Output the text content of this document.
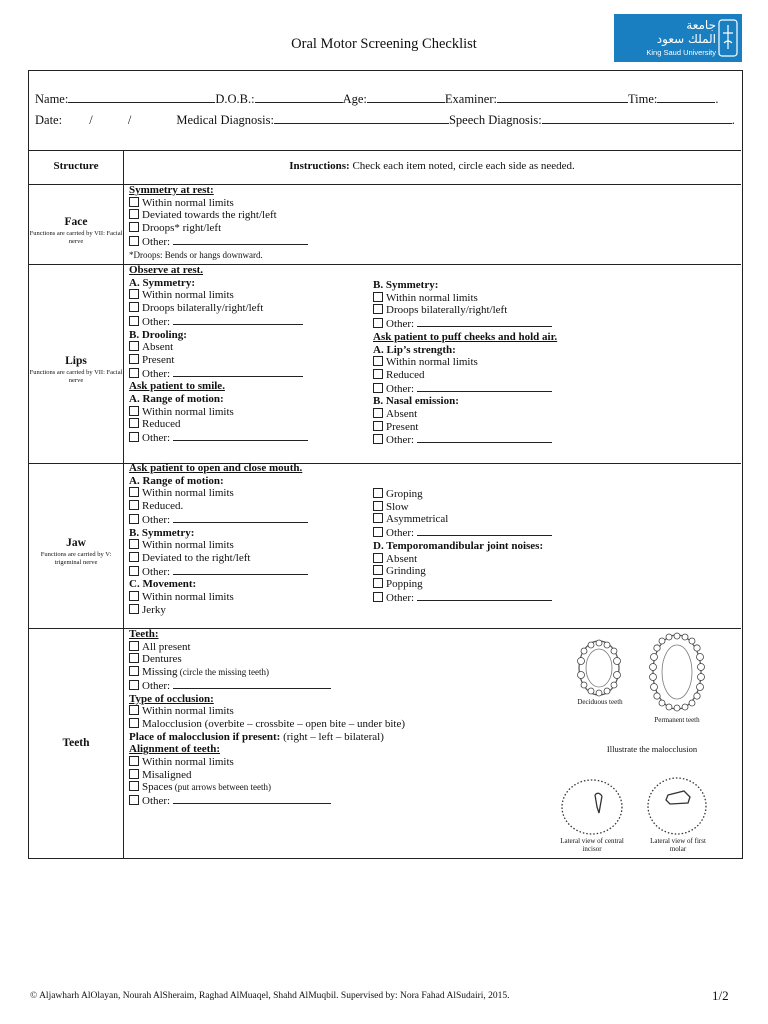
Oral Motor Screening Checklist
جامعة
الملك سعود
King Saud University
Name:	D.O.B.:	Age:	Examiner:	Time:	.
Date: /	/	Medical Diagnosis:	Speech Diagnosis:	.
Structure	Instructions: Check each item noted, circle each side as needed.
Face
Functions are carried by VII: Facial nerve
Symmetry at rest:
Within normal limits
Deviated towards the right/left
Droops* right/left
Other:
*Droops: Bends or hangs downward.
Lips
Functions are carried by VII: Facial nerve
Observe at rest.
A. Symmetry:
Within normal limits
Droops bilaterally/right/left
Other:
B. Drooling:
Absent
Present
Other:
Ask patient to smile.
A. Range of motion:
Within normal limits
Reduced
Other:
B. Symmetry:
Within normal limits
Droops bilaterally/right/left
Other:
Ask patient to puff cheeks and hold air.
A. Lip’s strength:
Within normal limits
Reduced
Other:
B. Nasal emission:
Absent
Present
Other:
Jaw
Functions are carried by V: trigeminal nerve
Ask patient to open and close mouth.
A. Range of motion:
Within normal limits
Reduced.
Other:
B. Symmetry:
Within normal limits
Deviated to the right/left
Other:
C. Movement:
Within normal limits
Jerky
Groping
Slow
Asymmetrical
Other:
D. Temporomandibular joint noises:
Absent
Grinding
Popping
Other:
Teeth
Teeth:
All present
Dentures
Missing (circle the missing teeth)
Other:
Type of occlusion:
Within normal limits
Malocclusion (overbite – crossbite – open bite – under bite)
Place of malocclusion if present: (right – left – bilateral)
Alignment of teeth:
Within normal limits
Misaligned
Spaces (put arrows between teeth)
Other:
Deciduous teeth
Permanent teeth
Illustrate the malocclusion
Lateral view of central incisor
Lateral view of first molar
© Aljawharh AlOlayan, Nourah AlSheraim, Raghad AlMuaqel, Shahd AlMuqbil. Supervised by: Nora Fahad AlSudairi, 2015.	1/2
